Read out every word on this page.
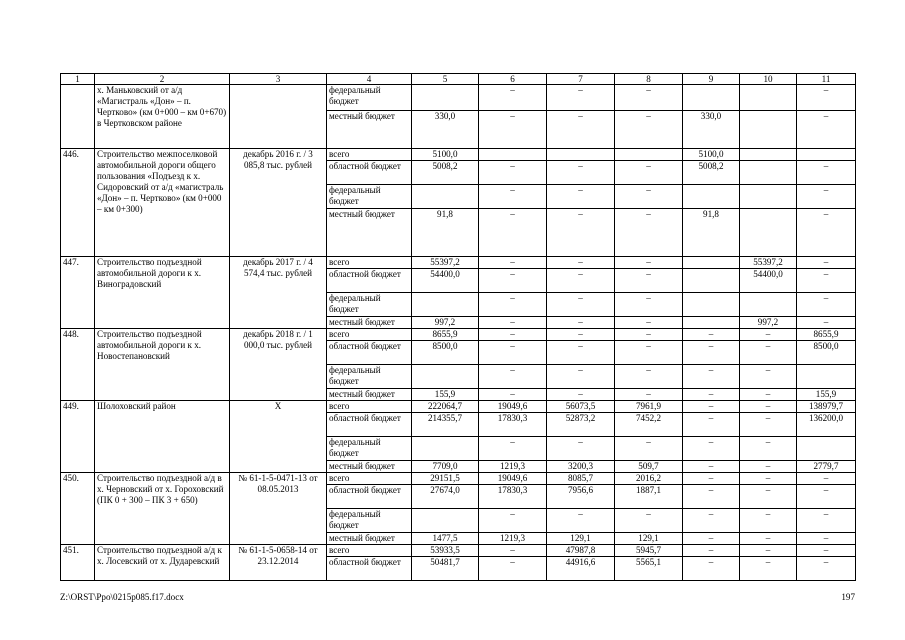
1	2	3	4	5	6	7	8	9	10	11
	х. Маньковский от а/д «Магистраль «Дон» – п. Чертково» (км 0+000 – км 0+670) в Чертковском районе		федеральный бюджет		–	–	–			–
			местный бюджет	330,0	–	–	–	330,0		–
446.	Строительство межпоселковой автомобильной дороги общего пользования «Подъезд к х. Сидоровский от а/д «магистраль «Дон» – п. Чертково» (км 0+000 – км 0+300)	декабрь 2016 г. / 3 085,8 тыс. рублей	всего	5100,0				5100,0		
			областной бюджет	5008,2	–	–	–	5008,2		–
			федеральный бюджет		–	–	–			–
			местный бюджет	91,8	–	–	–	91,8		–
447.	Строительство подъездной автомобильной дороги к х. Виноградовский	декабрь 2017 г. / 4 574,4 тыс. рублей	всего	55397,2	–	–	–		55397,2	–
			областной бюджет	54400,0	–	–	–		54400,0	–
			федеральный бюджет		–	–	–			–
			местный бюджет	997,2	–	–	–		997,2	–
448.	Строительство подъездной автомобильной дороги к х. Новостепановский	декабрь 2018 г. / 1 000,0 тыс. рублей	всего	8655,9	–	–	–	–	–	8655,9
			областной бюджет	8500,0	–	–	–	–	–	8500,0
			федеральный бюджет		–	–	–	–	–	
			местный бюджет	155,9	–	–	–	–	–	155,9
449.	Шолоховский район	Х	всего	222064,7	19049,6	56073,5	7961,9	–	–	138979,7
			областной бюджет	214355,7	17830,3	52873,2	7452,2	–	–	136200,0
			федеральный бюджет		–	–	–	–	–	
			местный бюджет	7709,0	1219,3	3200,3	509,7	–	–	2779,7
450.	Строительство подъездной а/д в х. Черновский от х. Гороховский (ПК 0 + 300 – ПК 3 + 650)	№ 61-1-5-0471-13 от 08.05.2013	всего	29151,5	19049,6	8085,7	2016,2	–	–	–
			областной бюджет	27674,0	17830,3	7956,6	1887,1	–	–	–
			федеральный бюджет		–	–	–	–	–	–
			местный бюджет	1477,5	1219,3	129,1	129,1	–	–	–
451.	Строительство подъездной а/д к х. Лосевский от х. Дударевский	№ 61-1-5-0658-14 от 23.12.2014	всего	53933,5	–	47987,8	5945,7	–	–	–
			областной бюджет	50481,7	–	44916,6	5565,1	–	–	–
Z:\ORST\Ppo\0215p085.f17.docx	197
